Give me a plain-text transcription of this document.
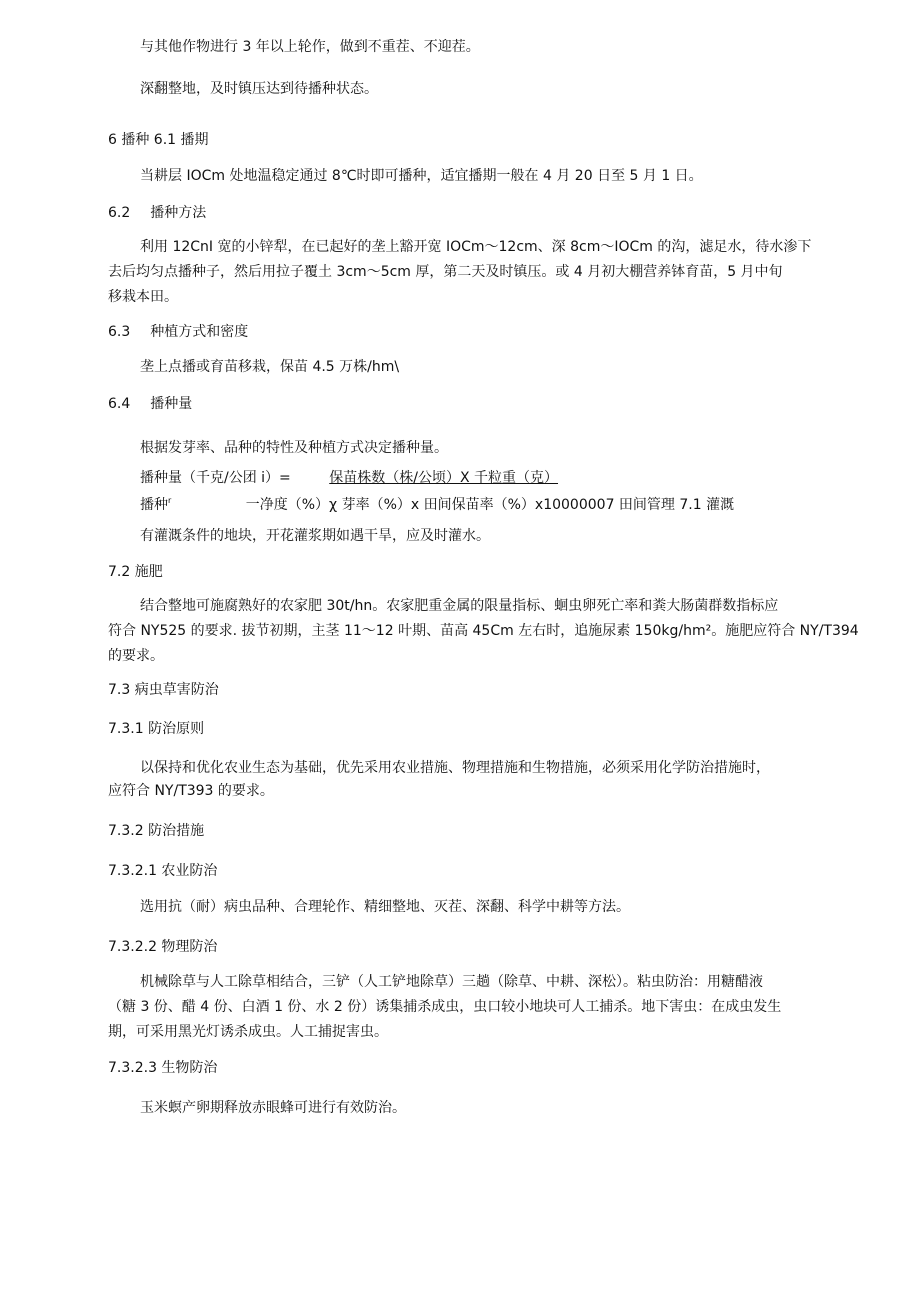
与其他作物进行 3 年以上轮作，做到不重茬、不迎茬。
深翻整地，及时镇压达到待播种状态。
6 播种 6.1 播期
当耕层 IOCm 处地温稳定通过 8℃时即可播种，适宜播期一般在 4 月 20 日至 5 月 1 日。
6.2 播种方法
利用 12CnI 宽的小锌犁，在已起好的垄上豁开宽 IOCm～12cm、深 8cm～IOCm 的沟，滤足水，待水渗下
去后均匀点播种子，然后用拉子覆土 3cm～5cm 厚，第二天及时镇压。或 4 月初大棚营养钵育苗，5 月中旬
移栽本田。
6.3 种植方式和密度
垄上点播或育苗移栽，保苗 4.5 万株/hm\
6.4 播种量
根据发芽率、品种的特性及种植方式决定播种量。
播种量（千克/公团 i）=	保苗株数（株/公顷）X 千粒重（克）
播种$^r$	一净度（%）χ 芽率（%）x 田间保苗率（%）x10000007 田间管理 7.1 灌溉
有灌溉条件的地块，开花灌浆期如遇干旱，应及时灌水。
7.2 施肥
结合整地可施腐熟好的农家肥 30t/hn。农家肥重金属的限量指标、蛔虫卵死亡率和粪大肠菌群数指标应
符合 NY525 的要求. 拔节初期，主茎 11～12 叶期、苗高 45Cm 左右时，追施尿素 150kg/hm²。施肥应符合 NY/T394
的要求。
7.3 病虫草害防治
7.3.1 防治原则
以保持和优化农业生态为基础，优先采用农业措施、物理措施和生物措施，必须采用化学防治措施时，
应符合 NY/T393 的要求。
7.3.2 防治措施
7.3.2.1 农业防治
选用抗（耐）病虫品种、合理轮作、精细整地、灭茬、深翻、科学中耕等方法。
7.3.2.2 物理防治
机械除草与人工除草相结合，三铲（人工铲地除草）三趟（除草、中耕、深松）。粘虫防治：用糖醋液
（糖 3 份、醋 4 份、白酒 1 份、水 2 份）诱集捕杀成虫，虫口较小地块可人工捕杀。地下害虫：在成虫发生
期，可采用黑光灯诱杀成虫。人工捕捉害虫。
7.3.2.3 生物防治
玉米螟产卵期释放赤眼蜂可进行有效防治。
